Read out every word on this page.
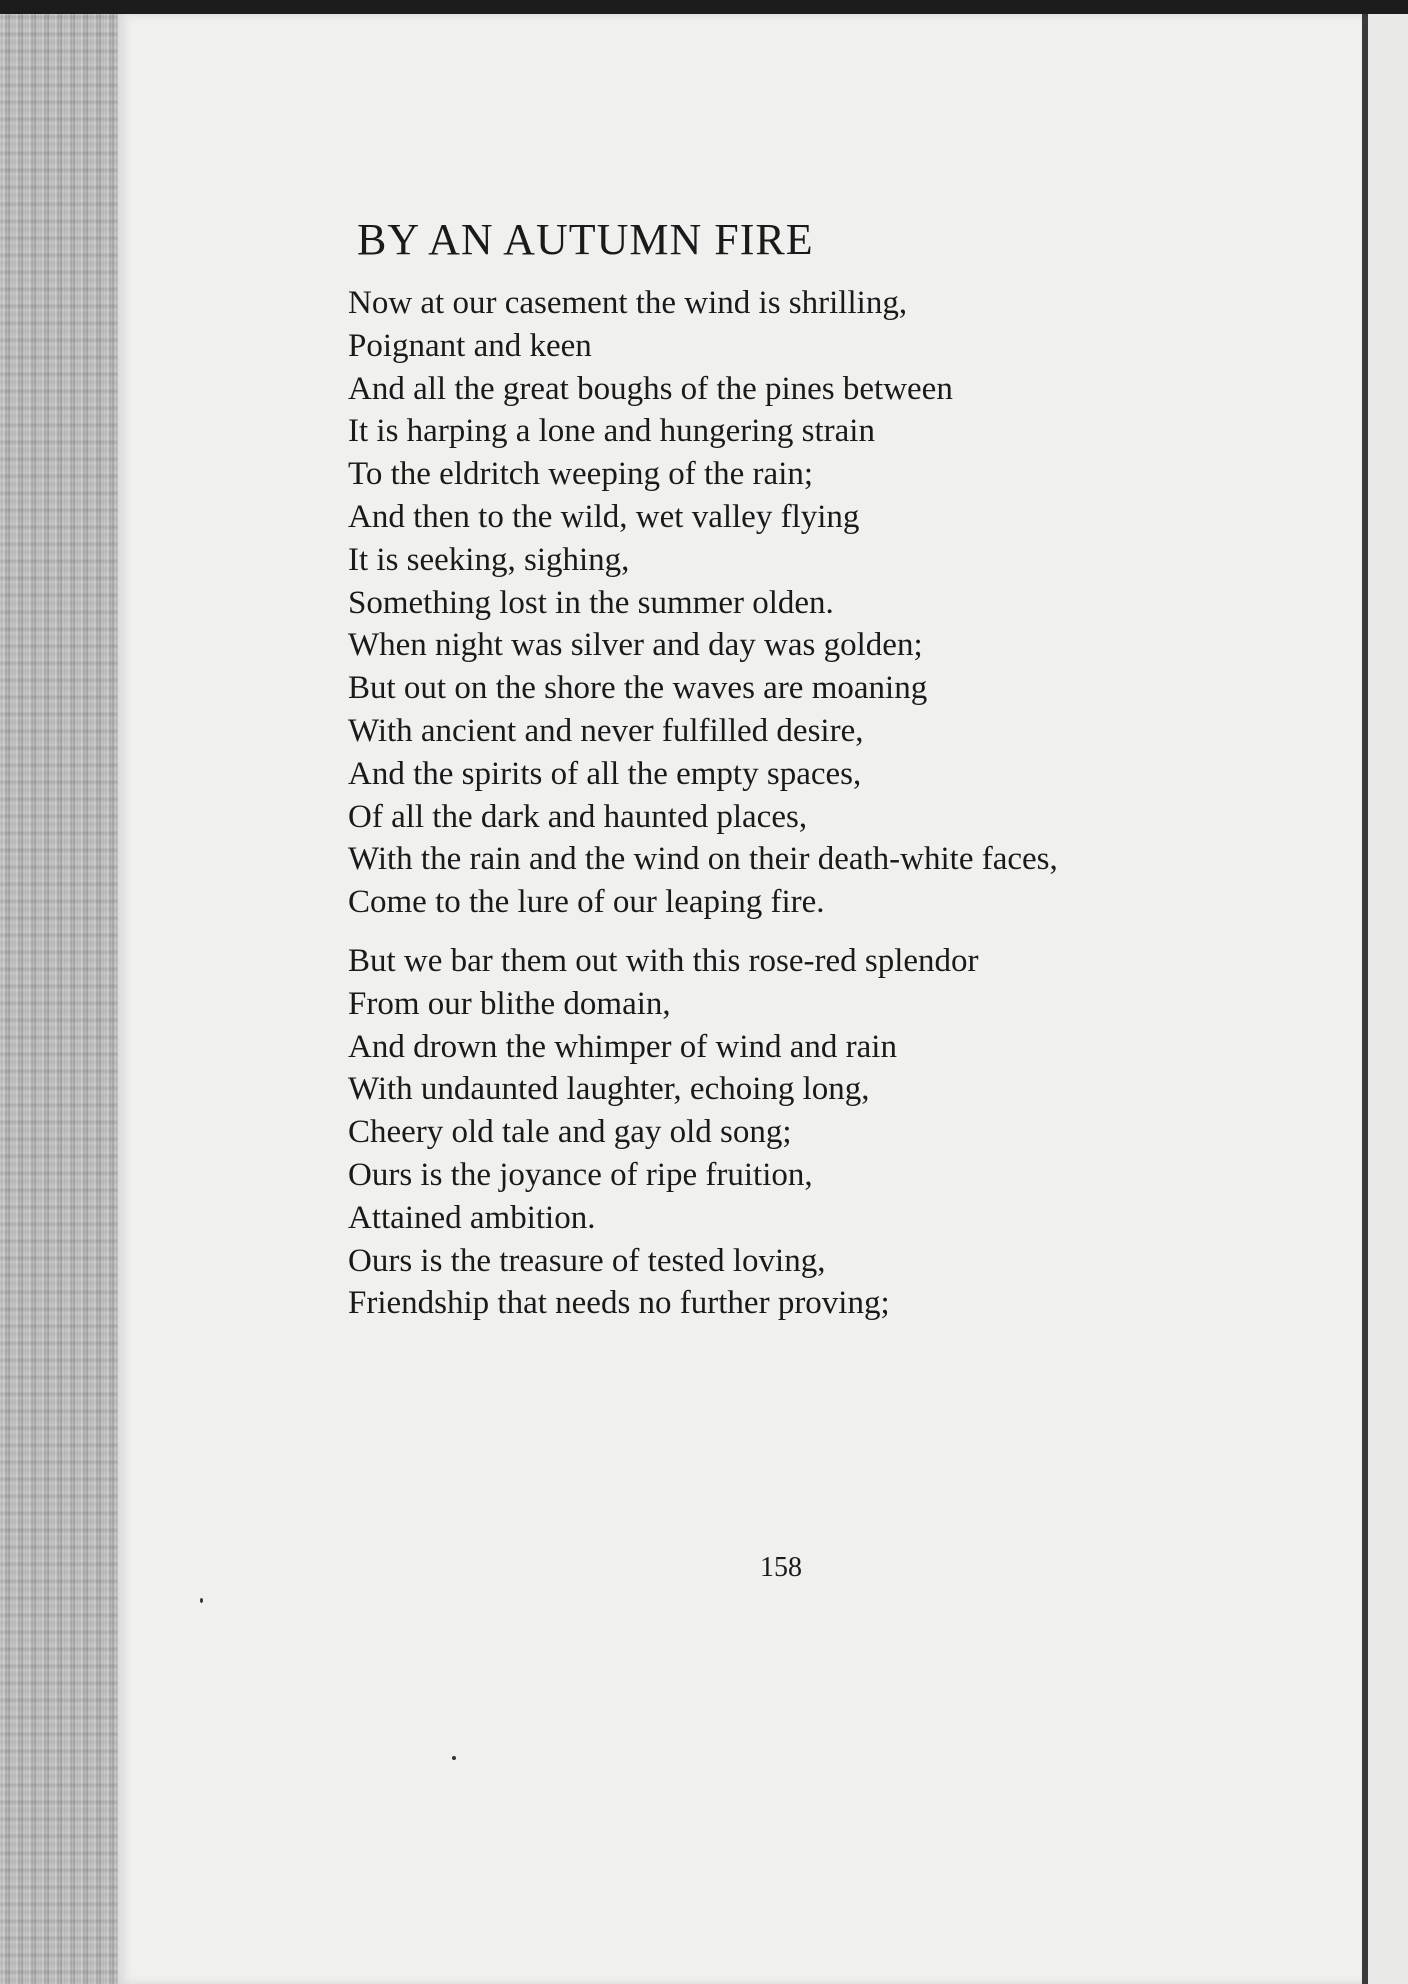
BY AN AUTUMN FIRE
Now at our casement the wind is shrilling,
Poignant and keen
And all the great boughs of the pines between
It is harping a lone and hungering strain
To the eldritch weeping of the rain;
And then to the wild, wet valley flying
It is seeking, sighing,
Something lost in the summer olden.
When night was silver and day was golden;
But out on the shore the waves are moaning
With ancient and never fulfilled desire,
And the spirits of all the empty spaces,
Of all the dark and haunted places,
With the rain and the wind on their death-white faces,
Come to the lure of our leaping fire.
But we bar them out with this rose-red splendor
From our blithe domain,
And drown the whimper of wind and rain
With undaunted laughter, echoing long,
Cheery old tale and gay old song;
Ours is the joyance of ripe fruition,
Attained ambition.
Ours is the treasure of tested loving,
Friendship that needs no further proving;
158
